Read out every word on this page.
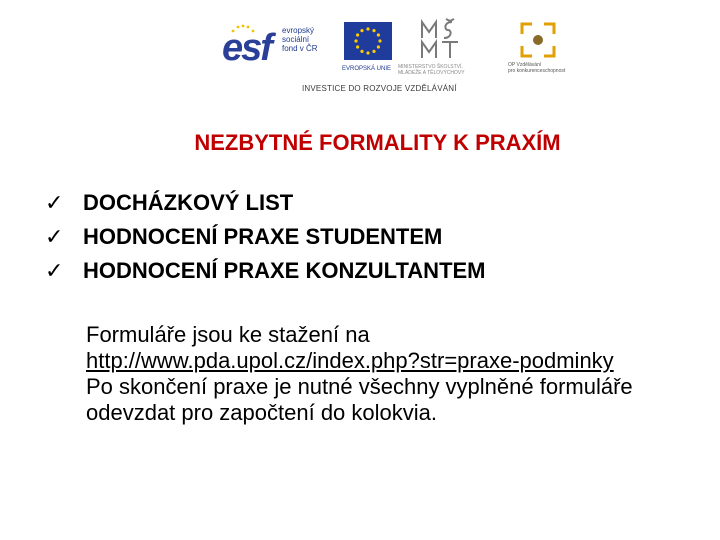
esf evropský
sociální
fond v ČR
EVROPSKÁ UNIE MINISTERSTVO ŠKOLSTVÍ,
MLÁDEŽE A TĚLOVÝCHOVY
OP Vzdělávání
pro konkurenceschopnost
INVESTICE DO ROZVOJE VZDĚLÁVÁNÍ
NEZBYTNÉ FORMALITY K PRAXÍM
✓ DOCHÁZKOVÝ LIST
✓ HODNOCENÍ PRAXE STUDENTEM
✓ HODNOCENÍ PRAXE KONZULTANTEM

Formuláře jsou ke stažení na

http://www.pda.upol.cz/index.php?str=praxe-podminky

Po skončení praxe je nutné všechny vyplněné formuláře odevzdat pro započtení do kolokvia.
